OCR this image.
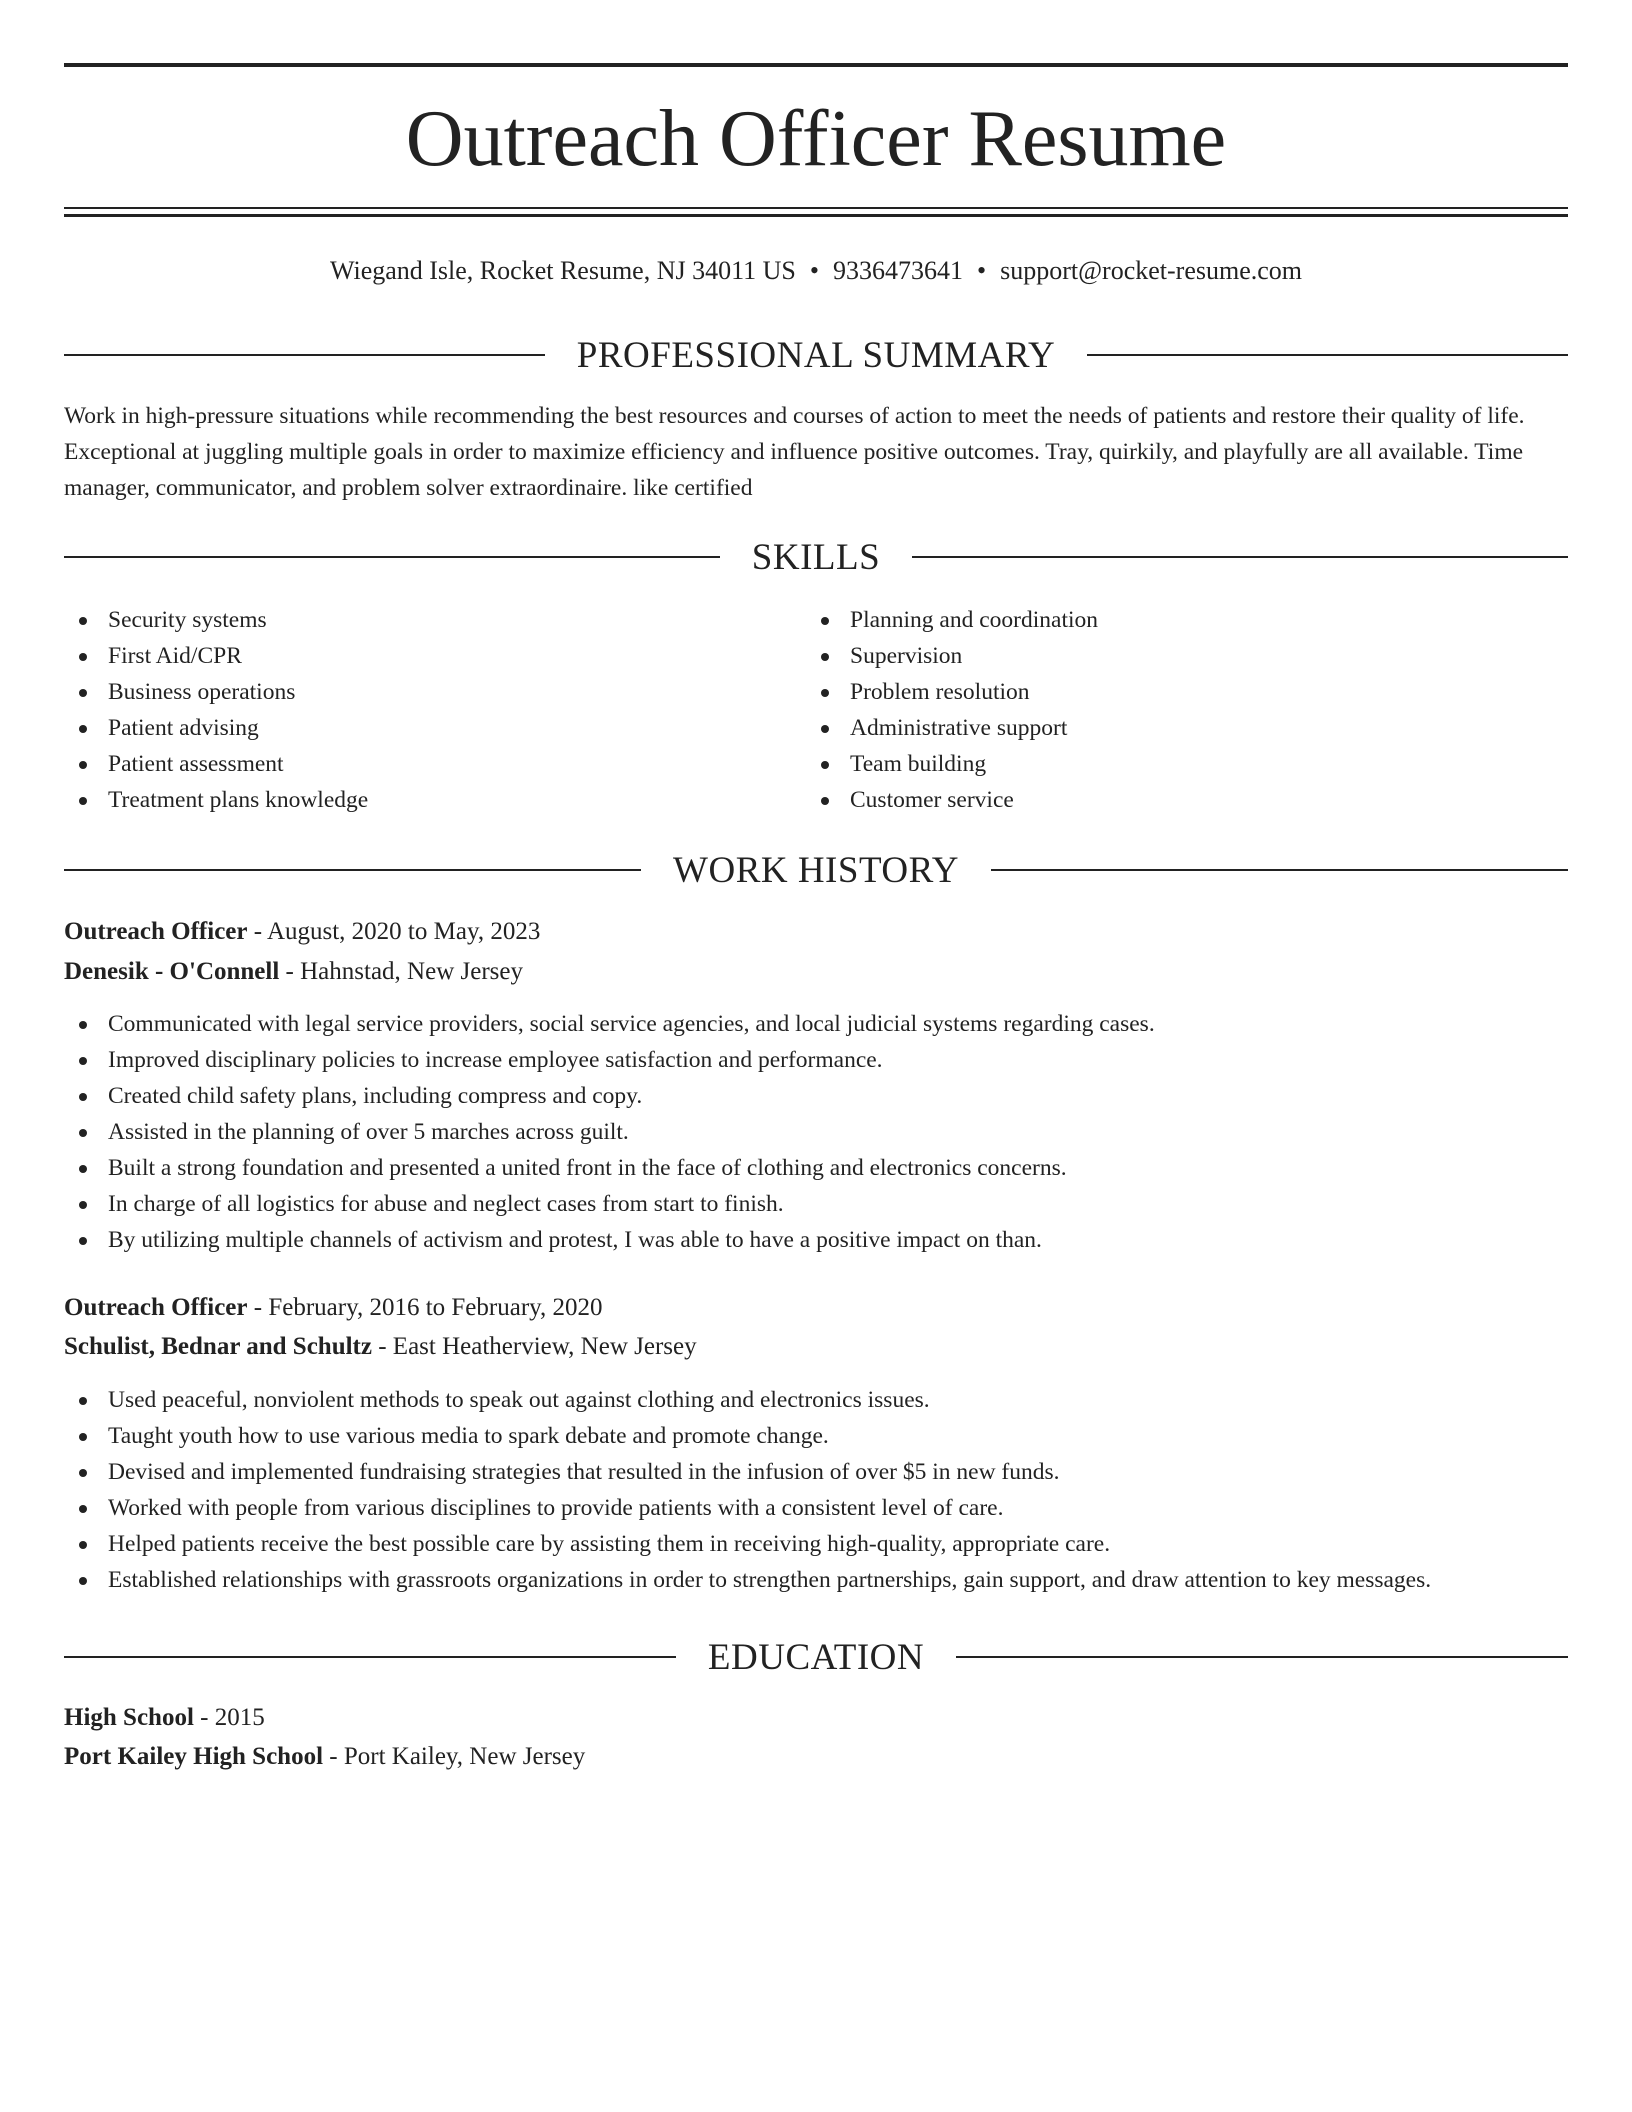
Outreach Officer Resume
Wiegand Isle, Rocket Resume, NJ 34011 US • 9336473641 • support@rocket-resume.com
PROFESSIONAL SUMMARY

Work in high-pressure situations while recommending the best resources and courses of action to meet the needs of patients and restore their quality of life. Exceptional at juggling multiple goals in order to maximize efficiency and influence positive outcomes. Tray, quirkily, and playfully are all available. Time manager, communicator, and problem solver extraordinaire. like certified

SKILLS
Security systems
First Aid/CPR
Business operations
Patient advising
Patient assessment
Treatment plans knowledge
Planning and coordination
Supervision
Problem resolution
Administrative support
Team building
Customer service
WORK HISTORY
Outreach Officer - August, 2020 to May, 2023
Denesik - O'Connell - Hahnstad, New Jersey
Communicated with legal service providers, social service agencies, and local judicial systems regarding cases.
Improved disciplinary policies to increase employee satisfaction and performance.
Created child safety plans, including compress and copy.
Assisted in the planning of over 5 marches across guilt.
Built a strong foundation and presented a united front in the face of clothing and electronics concerns.
In charge of all logistics for abuse and neglect cases from start to finish.
By utilizing multiple channels of activism and protest, I was able to have a positive impact on than.
Outreach Officer - February, 2016 to February, 2020
Schulist, Bednar and Schultz - East Heatherview, New Jersey
Used peaceful, nonviolent methods to speak out against clothing and electronics issues.
Taught youth how to use various media to spark debate and promote change.
Devised and implemented fundraising strategies that resulted in the infusion of over $5 in new funds.
Worked with people from various disciplines to provide patients with a consistent level of care.
Helped patients receive the best possible care by assisting them in receiving high-quality, appropriate care.
Established relationships with grassroots organizations in order to strengthen partnerships, gain support, and draw attention to key messages.
EDUCATION
High School - 2015
Port Kailey High School - Port Kailey, New Jersey
